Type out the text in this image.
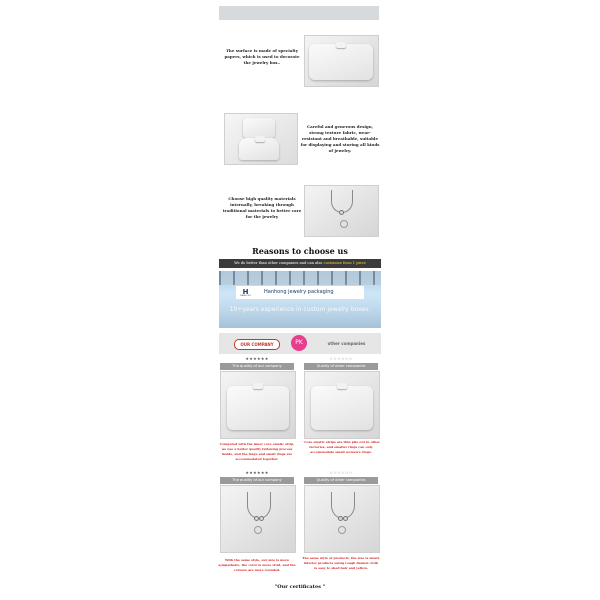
The surface is made of specialty papers, which is used to decorate the jewelry box..
Careful and generous design, strong texture fabric, wear-resistant and breathable, suitable for displaying and storing all kinds of jewelry.
Choose high quality materials internally, breaking through traditional materials to better care for the jewelry
Reasons to choose us
We do better than other companies and can also customize from 1 piece
H
HANHONG
Hanhong jewelry packaging
10+years experience in custom jewelry boxes.
OUR COMPANY	PK	other companies
★★★★★★	☆☆☆☆☆☆
The quality of our company	Quality of other companies
Compared with the inner core elastic strip, we use a better quality fattening process inside, and the large and small rings are accommodated together.
· Core elastic strips are thin pile out in other factories, and smaller rings can only accommodate small women's rings.
★★★★★★	☆☆☆☆☆☆
The quality of our company	Quality of other companies
With the same style, our size is more sympathetic, the color is more vivid, and the corners are more rounded.
The same style of products, the size is small, inferior products using rough flannel cloth is easy to shed hair and yellow.
"Our certificates "
